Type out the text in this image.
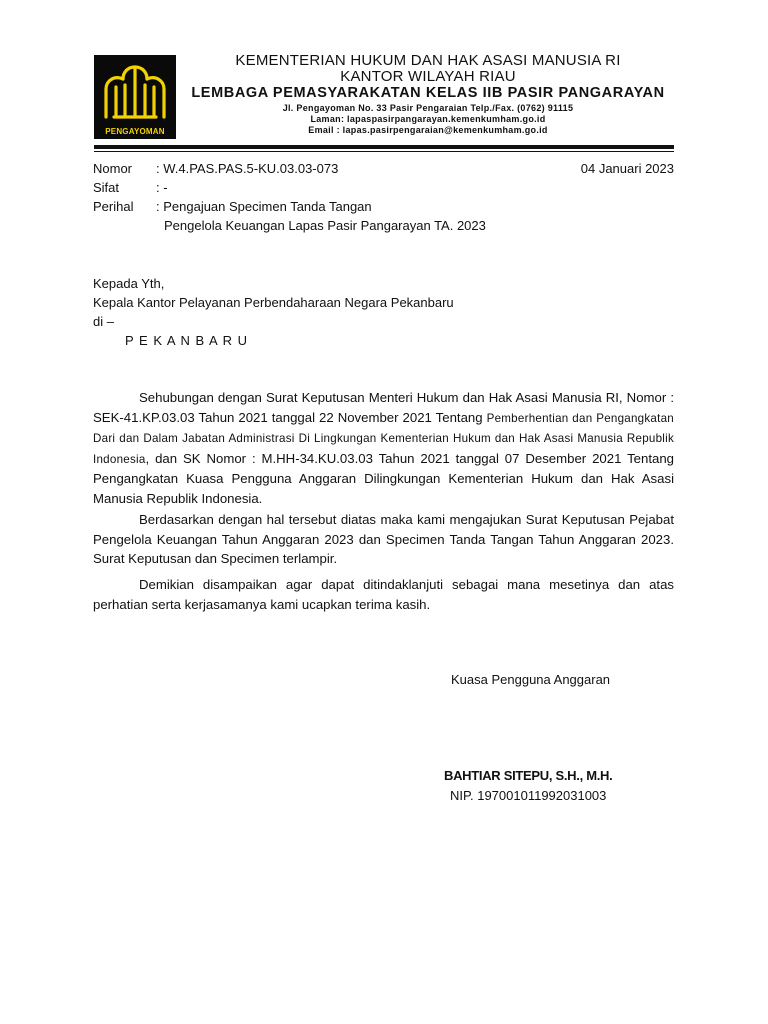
PENGAYOMAN

KEMENTERIAN HUKUM DAN HAK ASASI MANUSIA RI

KANTOR WILAYAH RIAU

LEMBAGA PEMASYARAKATAN KELAS IIB PASIR PANGARAYAN

Jl. Pengayoman No. 33 Pasir Pengaraian Telp./Fax. (0762) 91115

Laman: lapaspasirpangarayan.kemenkumham.go.id

Email : lapas.pasirpengaraian@kemenkumham.go.id

Nomor : W.4.PAS.PAS.5-KU.03.03-073	04 Januari 2023
Sifat	: -
Perihal : Pengajuan Specimen Tanda Tangan
Pengelola Keuangan Lapas Pasir Pangarayan TA. 2023
Kepada Yth,
Kepala Kantor Pelayanan Perbendaharaan Negara Pekanbaru
di –
P E K A N B A R U

Sehubungan dengan Surat Keputusan Menteri Hukum dan Hak Asasi Manusia RI, Nomor : SEK-41.KP.03.03 Tahun 2021 tanggal 22 November 2021 Tentang Pemberhentian dan Pengangkatan Dari dan Dalam Jabatan Administrasi Di Lingkungan Kementerian Hukum dan Hak Asasi Manusia Republik Indonesia, dan SK Nomor : M.HH-34.KU.03.03 Tahun 2021 tanggal 07 Desember 2021 Tentang Pengangkatan Kuasa Pengguna Anggaran Dilingkungan Kementerian Hukum dan Hak Asasi Manusia Republik Indonesia.

Berdasarkan dengan hal tersebut diatas maka kami mengajukan Surat Keputusan Pejabat Pengelola Keuangan Tahun Anggaran 2023 dan Specimen Tanda Tangan Tahun Anggaran 2023. Surat Keputusan dan Specimen terlampir.

Demikian disampaikan agar dapat ditindaklanjuti sebagai mana mesetinya dan atas perhatian serta kerjasamanya kami ucapkan terima kasih.

Kuasa Pengguna Anggaran
BAHTIAR SITEPU, S.H., M.H.
NIP. 197001011992031003
